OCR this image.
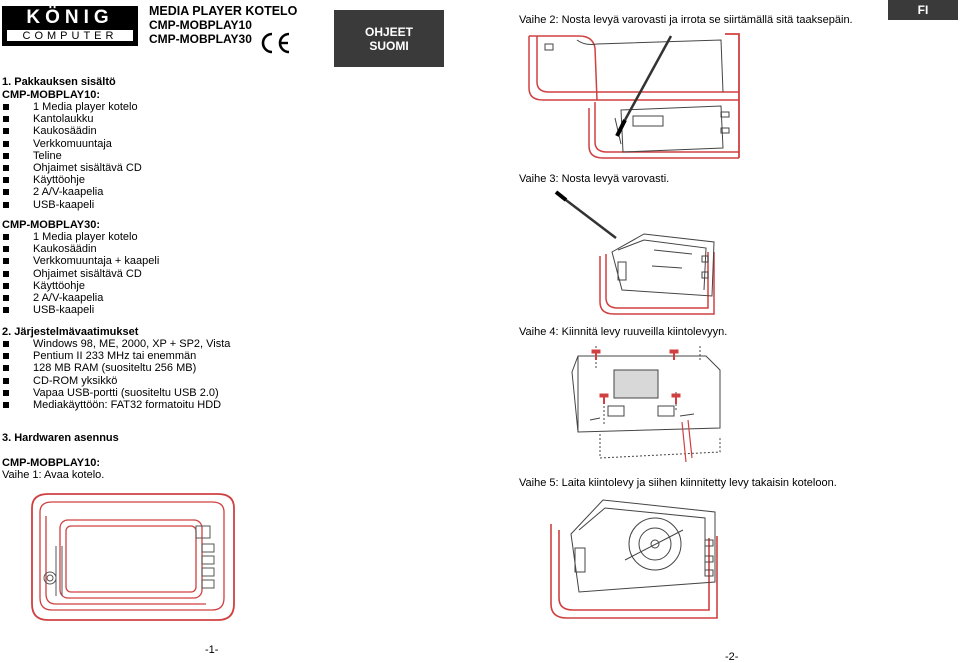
KÖNIG
COMPUTER
MEDIA PLAYER KOTELO
CMP-MOBPLAY10
CMP-MOBPLAY30
OHJEET
SUOMI
FI
1. Pakkauksen sisältö
CMP-MOBPLAY10:
1 Media player kotelo
Kantolaukku
Kaukosäädin
Verkkomuuntaja
Teline
Ohjaimet sisältävä CD
Käyttöohje
2 A/V-kaapelia
USB-kaapeli
CMP-MOBPLAY30:
1 Media player kotelo
Kaukosäädin
Verkkomuuntaja + kaapeli
Ohjaimet sisältävä CD
Käyttöohje
2 A/V-kaapelia
USB-kaapeli
2. Järjestelmävaatimukset
Windows 98, ME, 2000, XP + SP2, Vista
Pentium II 233 MHz tai enemmän
128 MB RAM (suositeltu 256 MB)
CD-ROM yksikkö
Vapaa USB-portti (suositeltu USB 2.0)
Mediakäyttöön: FAT32 formatoitu HDD
3. Hardwaren asennus
CMP-MOBPLAY10:
Vaihe 1: Avaa kotelo.
Vaihe 2: Nosta levyä varovasti ja irrota se siirtämällä sitä taaksepäin.
Vaihe 3: Nosta levyä varovasti.
Vaihe 4: Kiinnitä levy ruuveilla kiintolevyyn.
Vaihe 5: Laita kiintolevy ja siihen kiinnitetty levy takaisin koteloon.
-1-
-2-
